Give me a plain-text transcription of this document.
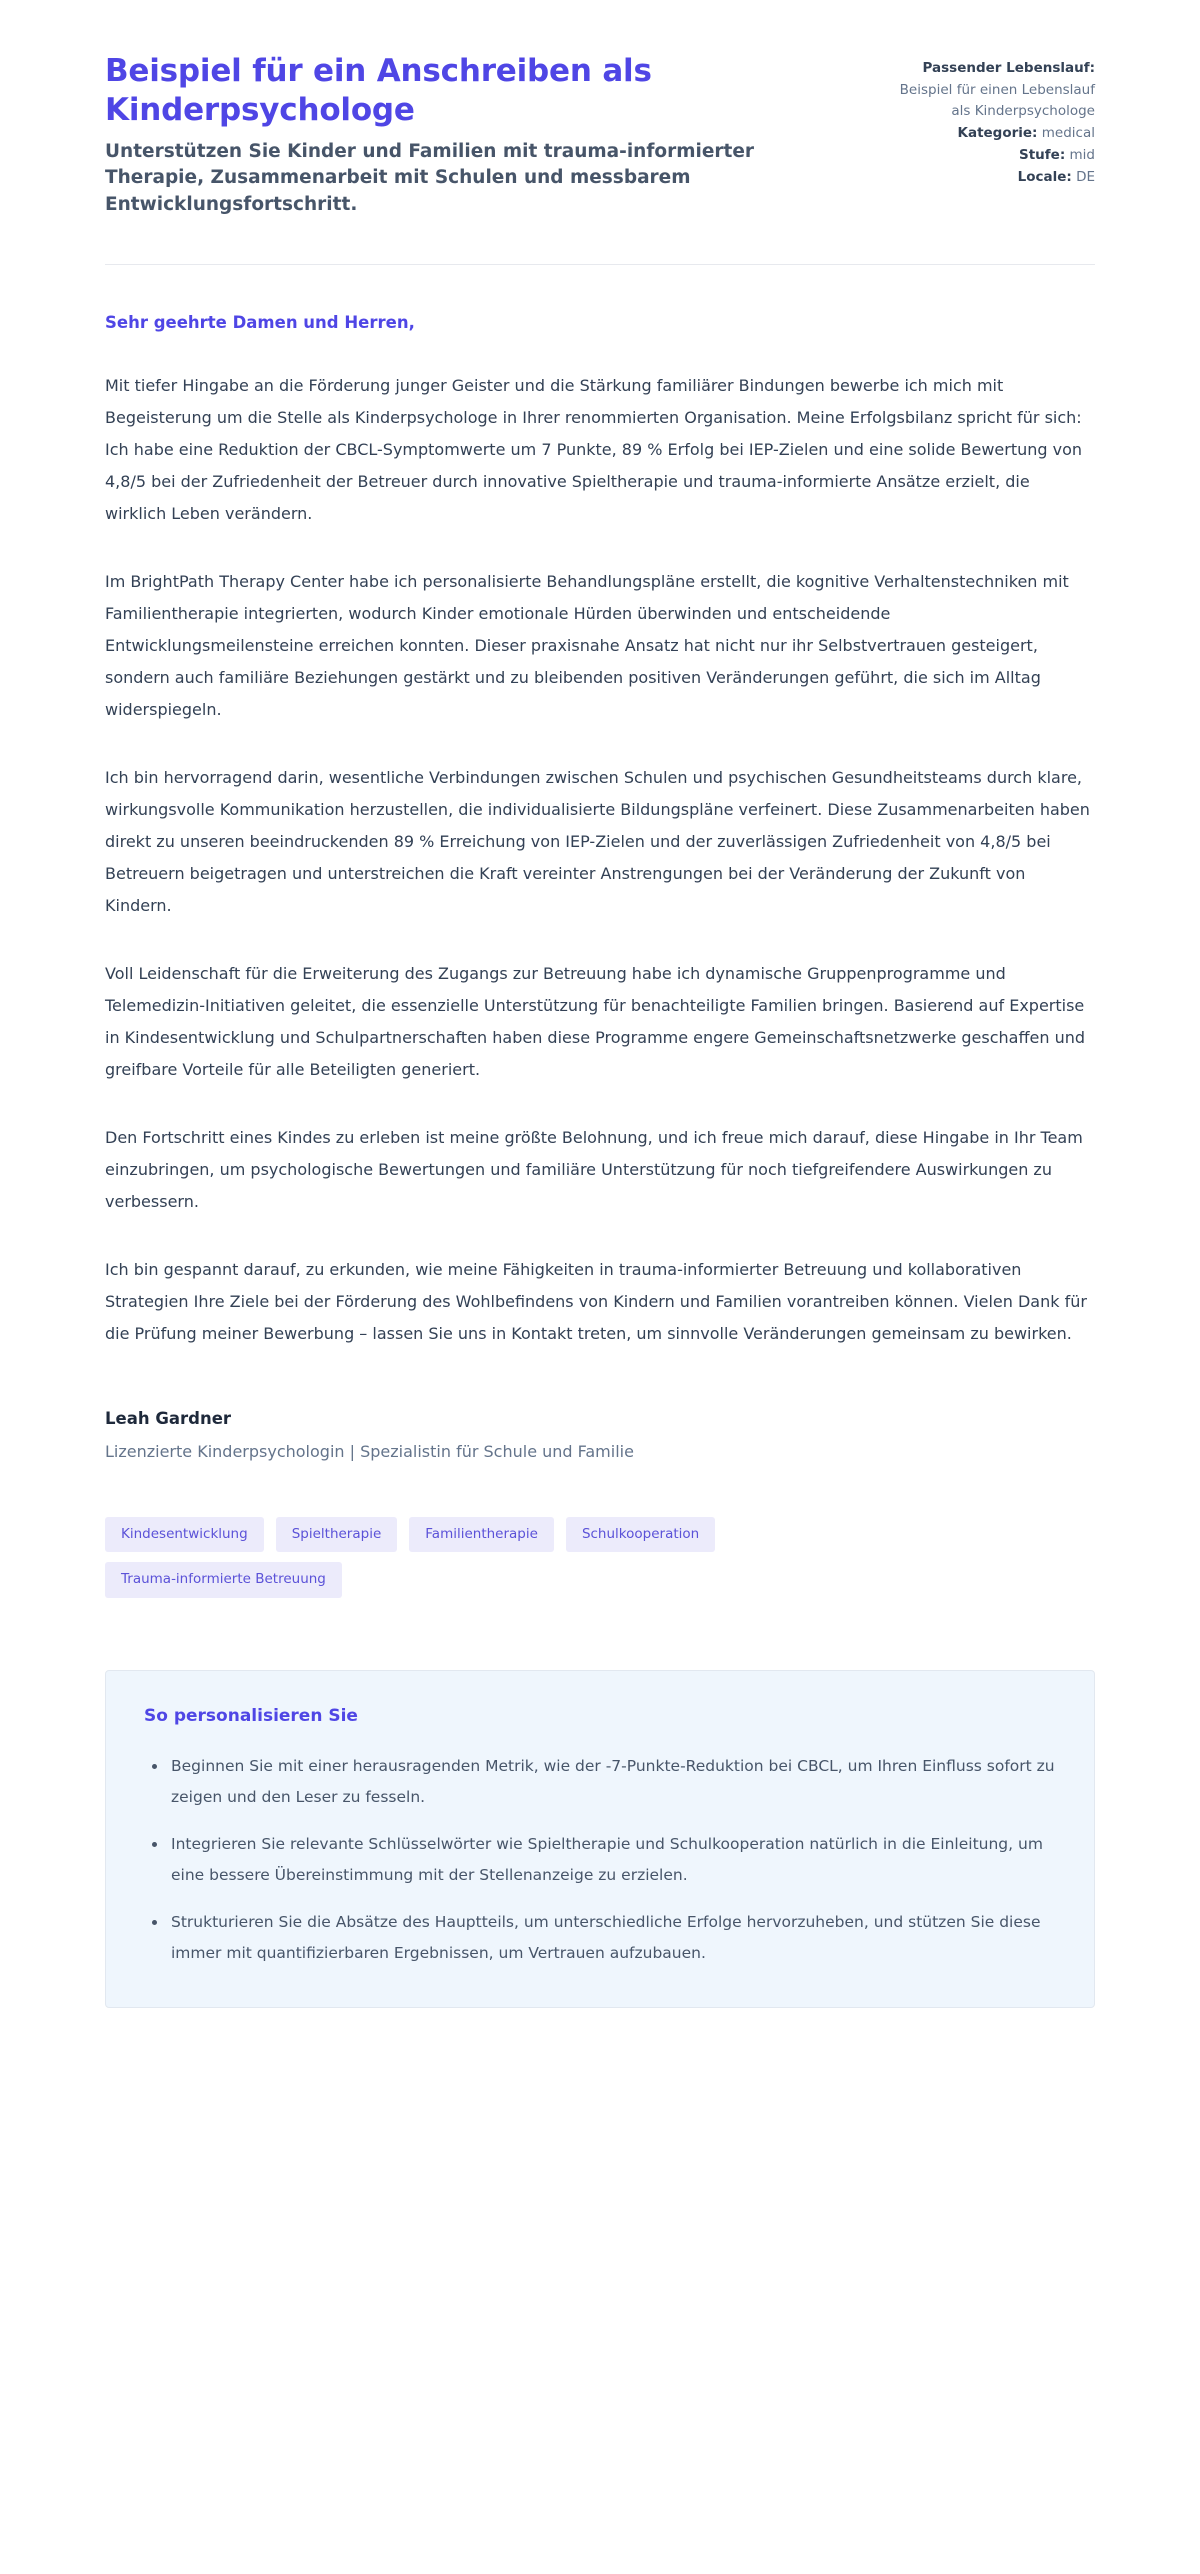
Beispiel für ein Anschreiben als Kinderpsychologe

Unterstützen Sie Kinder und Familien mit trauma-informierter Therapie, Zusammenarbeit mit Schulen und messbarem Entwicklungsfortschritt.

Passender Lebenslauf:
Beispiel für einen Lebenslauf als Kinderpsychologe
Kategorie: medical
Stufe: mid
Locale: DE

Sehr geehrte Damen und Herren,

Mit tiefer Hingabe an die Förderung junger Geister und die Stärkung familiärer Bindungen bewerbe ich mich mit Begeisterung um die Stelle als Kinderpsychologe in Ihrer renommierten Organisation. Meine Erfolgsbilanz spricht für sich: Ich habe eine Reduktion der CBCL-Symptomwerte um 7 Punkte, 89 % Erfolg bei IEP-Zielen und eine solide Bewertung von 4,8/5 bei der Zufriedenheit der Betreuer durch innovative Spieltherapie und trauma-informierte Ansätze erzielt, die wirklich Leben verändern.

Im BrightPath Therapy Center habe ich personalisierte Behandlungspläne erstellt, die kognitive Verhaltenstechniken mit Familientherapie integrierten, wodurch Kinder emotionale Hürden überwinden und entscheidende Entwicklungsmeilensteine erreichen konnten. Dieser praxisnahe Ansatz hat nicht nur ihr Selbstvertrauen gesteigert, sondern auch familiäre Beziehungen gestärkt und zu bleibenden positiven Veränderungen geführt, die sich im Alltag widerspiegeln.

Ich bin hervorragend darin, wesentliche Verbindungen zwischen Schulen und psychischen Gesundheitsteams durch klare, wirkungsvolle Kommunikation herzustellen, die individualisierte Bildungspläne verfeinert. Diese Zusammenarbeiten haben direkt zu unseren beeindruckenden 89 % Erreichung von IEP-Zielen und der zuverlässigen Zufriedenheit von 4,8/5 bei Betreuern beigetragen und unterstreichen die Kraft vereinter Anstrengungen bei der Veränderung der Zukunft von Kindern.

Voll Leidenschaft für die Erweiterung des Zugangs zur Betreuung habe ich dynamische Gruppenprogramme und Telemedizin-Initiativen geleitet, die essenzielle Unterstützung für benachteiligte Familien bringen. Basierend auf Expertise in Kindesentwicklung und Schulpartnerschaften haben diese Programme engere Gemeinschaftsnetzwerke geschaffen und greifbare Vorteile für alle Beteiligten generiert.

Den Fortschritt eines Kindes zu erleben ist meine größte Belohnung, und ich freue mich darauf, diese Hingabe in Ihr Team einzubringen, um psychologische Bewertungen und familiäre Unterstützung für noch tiefgreifendere Auswirkungen zu verbessern.

Ich bin gespannt darauf, zu erkunden, wie meine Fähigkeiten in trauma-informierter Betreuung und kollaborativen Strategien Ihre Ziele bei der Förderung des Wohlbefindens von Kindern und Familien vorantreiben können. Vielen Dank für die Prüfung meiner Bewerbung – lassen Sie uns in Kontakt treten, um sinnvolle Veränderungen gemeinsam zu bewirken.

Leah Gardner

Lizenzierte Kinderpsychologin | Spezialistin für Schule und Familie

Kindesentwicklung	Spieltherapie	Familientherapie	Schulkooperation
Trauma-informierte Betreuung
So personalisieren Sie
Beginnen Sie mit einer herausragenden Metrik, wie der -7-Punkte-Reduktion bei CBCL, um Ihren Einfluss sofort zu zeigen und den Leser zu fesseln.
Integrieren Sie relevante Schlüsselwörter wie Spieltherapie und Schulkooperation natürlich in die Einleitung, um eine bessere Übereinstimmung mit der Stellenanzeige zu erzielen.
Strukturieren Sie die Absätze des Hauptteils, um unterschiedliche Erfolge hervorzuheben, und stützen Sie diese immer mit quantifizierbaren Ergebnissen, um Vertrauen aufzubauen.
